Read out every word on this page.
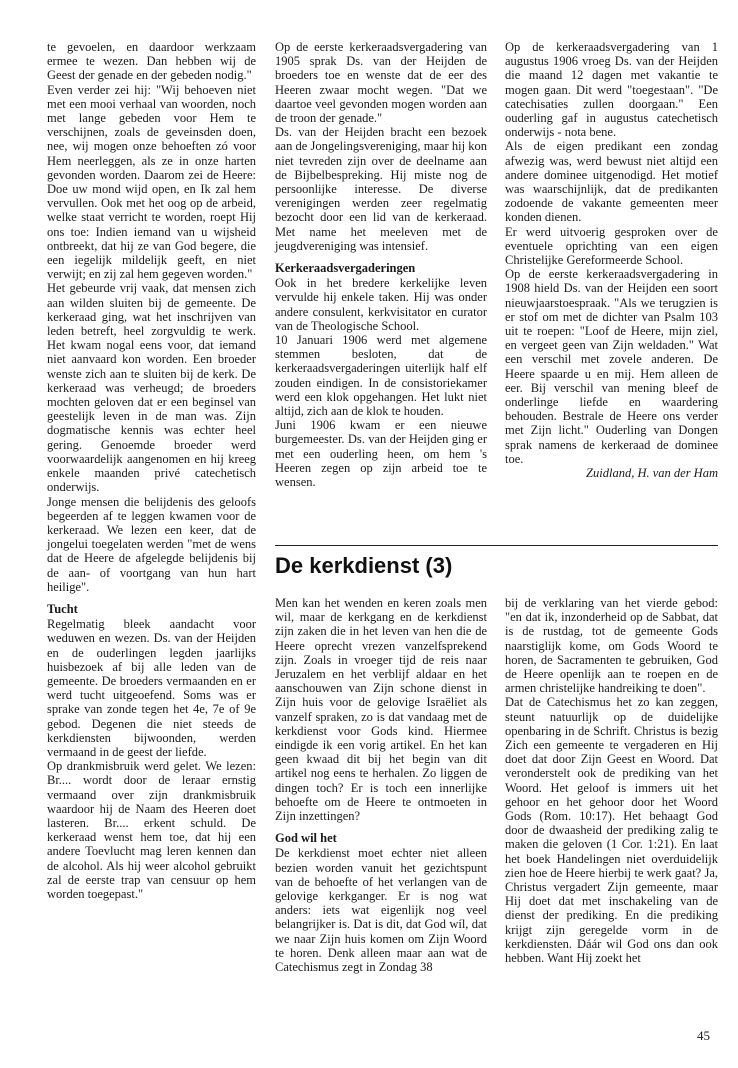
te gevoelen, en daardoor werkzaam ermee te wezen. Dan hebben wij de Geest der genade en der gebeden nodig."

Even verder zei hij: "Wij behoeven niet met een mooi verhaal van woorden, noch met lange gebeden voor Hem te verschijnen, zoals de geveinsden doen, nee, wij mogen onze behoeften zó voor Hem neerleggen, als ze in onze harten gevonden worden. Daarom zei de Heere: Doe uw mond wijd open, en Ik zal hem vervullen. Ook met het oog op de arbeid, welke staat verricht te worden, roept Hij ons toe: Indien iemand van u wijsheid ontbreekt, dat hij ze van God begere, die een iegelijk mildelijk geeft, en niet verwijt; en zij zal hem gegeven worden."

Het gebeurde vrij vaak, dat mensen zich aan wilden sluiten bij de gemeente. De kerkeraad ging, wat het inschrijven van leden betreft, heel zorgvuldig te werk. Het kwam nogal eens voor, dat iemand niet aanvaard kon worden. Een broeder wenste zich aan te sluiten bij de kerk. De kerkeraad was verheugd; de broeders mochten geloven dat er een beginsel van geestelijk leven in de man was. Zijn dogmatische kennis was echter heel gering. Genoemde broeder werd voorwaardelijk aangenomen en hij kreeg enkele maanden privé catechetisch onderwijs.

Jonge mensen die belijdenis des geloofs begeerden af te leggen kwamen voor de kerkeraad. We lezen een keer, dat de jongelui toegelaten werden "met de wens dat de Heere de afgelegde belijdenis bij de aan- of voortgang van hun hart heilige".

Tucht

Regelmatig bleek aandacht voor weduwen en wezen. Ds. van der Heijden en de ouderlingen legden jaarlijks huisbezoek af bij alle leden van de gemeente. De broeders vermaanden en er werd tucht uitgeoefend. Soms was er sprake van zonde tegen het 4e, 7e of 9e gebod. Degenen die niet steeds de kerkdiensten bijwoonden, werden vermaand in de geest der liefde.

Op drankmisbruik werd gelet. We lezen: Br.... wordt door de leraar ernstig vermaand over zijn drankmisbruik waardoor hij de Naam des Heeren doet lasteren. Br.... erkent schuld. De kerkeraad wenst hem toe, dat hij een andere Toevlucht mag leren kennen dan de alcohol. Als hij weer alcohol gebruikt zal de eerste trap van censuur op hem worden toegepast."

Op de eerste kerkeraadsvergadering van 1905 sprak Ds. van der Heijden de broeders toe en wenste dat de eer des Heeren zwaar mocht wegen. "Dat we daartoe veel gevonden mogen worden aan de troon der genade."

Ds. van der Heijden bracht een bezoek aan de Jongelingsvereniging, maar hij kon niet tevreden zijn over de deelname aan de Bijbelbespreking. Hij miste nog de persoonlijke interesse. De diverse verenigingen werden zeer regelmatig bezocht door een lid van de kerkeraad. Met name het meeleven met de jeugdvereniging was intensief.

Kerkeraadsvergaderingen

Ook in het bredere kerkelijke leven vervulde hij enkele taken. Hij was onder andere consulent, kerkvisitator en curator van de Theologische School.

10 Januari 1906 werd met algemene stemmen besloten, dat de kerkeraadsvergaderingen uiterlijk half elf zouden eindigen. In de consistoriekamer werd een klok opgehangen. Het lukt niet altijd, zich aan de klok te houden.

Juni 1906 kwam er een nieuwe burgemeester. Ds. van der Heijden ging er met een ouderling heen, om hem 's Heeren zegen op zijn arbeid toe te wensen.

Op de kerkeraadsvergadering van 1 augustus 1906 vroeg Ds. van der Heijden die maand 12 dagen met vakantie te mogen gaan. Dit werd "toegestaan". "De catechisaties zullen doorgaan." Een ouderling gaf in augustus catechetisch onderwijs - nota bene.

Als de eigen predikant een zondag afwezig was, werd bewust niet altijd een andere dominee uitgenodigd. Het motief was waarschijnlijk, dat de predikanten zodoende de vakante gemeenten meer konden dienen.

Er werd uitvoerig gesproken over de eventuele oprichting van een eigen Christelijke Gereformeerde School.

Op de eerste kerkeraadsvergadering in 1908 hield Ds. van der Heijden een soort nieuwjaarstoespraak. "Als we terugzien is er stof om met de dichter van Psalm 103 uit te roepen: "Loof de Heere, mijn ziel, en vergeet geen van Zijn weldaden." Wat een verschil met zovele anderen. De Heere spaarde u en mij. Hem alleen de eer. Bij verschil van mening bleef de onderlinge liefde en waardering behouden. Bestrale de Heere ons verder met Zijn licht." Ouderling van Dongen sprak namens de kerkeraad de dominee toe.

Zuidland, H. van der Ham

De kerkdienst (3)

Men kan het wenden en keren zoals men wil, maar de kerkgang en de kerkdienst zijn zaken die in het leven van hen die de Heere oprecht vrezen vanzelfsprekend zijn. Zoals in vroeger tijd de reis naar Jeruzalem en het verblijf aldaar en het aanschouwen van Zijn schone dienst in Zijn huis voor de gelovige Israëliet als vanzelf spraken, zo is dat vandaag met de kerkdienst voor Gods kind. Hiermee eindigde ik een vorig artikel. En het kan geen kwaad dit bij het begin van dit artikel nog eens te herhalen. Zo liggen de dingen toch? Er is toch een innerlijke behoefte om de Heere te ontmoeten in Zijn inzettingen?

God wil het

De kerkdienst moet echter niet alleen bezien worden vanuit het gezichtspunt van de behoefte of het verlangen van de gelovige kerkganger. Er is nog wat anders: iets wat eigenlijk nog veel belangrijker is. Dat is dit, dat God wíl, dat we naar Zijn huis komen om Zijn Woord te horen. Denk alleen maar aan wat de Catechismus zegt in Zondag 38

bij de verklaring van het vierde gebod: "en dat ik, inzonderheid op de Sabbat, dat is de rustdag, tot de gemeente Gods naarstiglijk kome, om Gods Woord te horen, de Sacramenten te gebruiken, God de Heere openlijk aan te roepen en de armen christelijke handreiking te doen".

Dat de Catechismus het zo kan zeggen, steunt natuurlijk op de duidelijke openbaring in de Schrift. Christus is bezig Zich een gemeente te vergaderen en Hij doet dat door Zijn Geest en Woord. Dat veronderstelt ook de prediking van het Woord. Het geloof is immers uit het gehoor en het gehoor door het Woord Gods (Rom. 10:17). Het behaagt God door de dwaasheid der prediking zalig te maken die geloven (1 Cor. 1:21). En laat het boek Handelingen niet overduidelijk zien hoe de Heere hierbij te werk gaat? Ja, Christus vergadert Zijn gemeente, maar Hij doet dat met inschakeling van de dienst der prediking. En die prediking krijgt zijn geregelde vorm in de kerkdiensten. Dáár wil God ons dan ook hebben. Want Hij zoekt het

45
